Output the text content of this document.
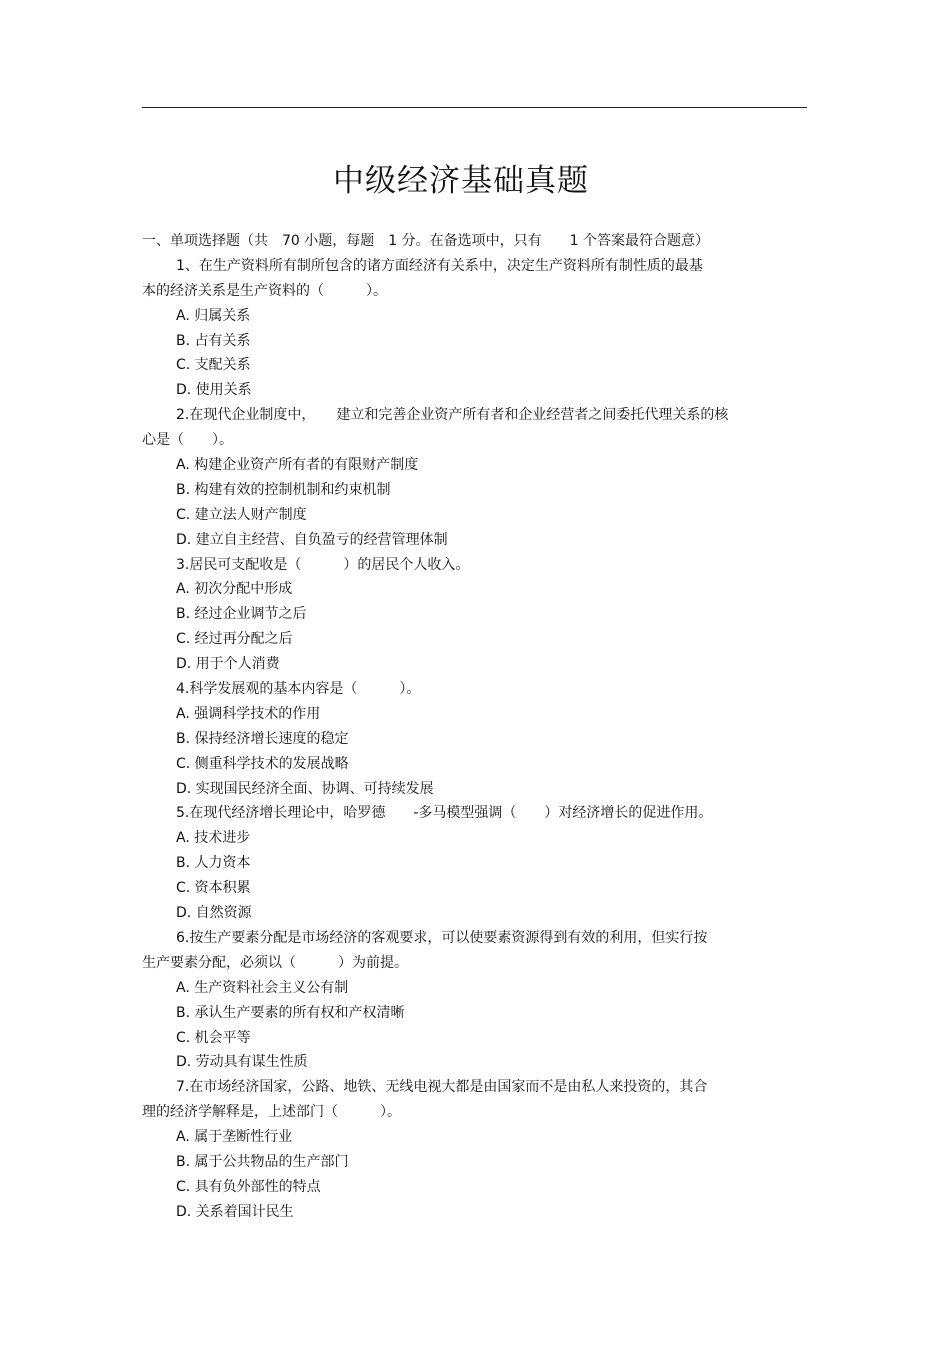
中级经济基础真题
一、单项选择题（共　70 小题，每题　1 分。在备选项中，只有　　1 个答案最符合题意）
1、在生产资料所有制所包含的诸方面经济有关系中，决定生产资料所有制性质的最基
本的经济关系是生产资料的（　　　）。
A. 归属关系
B. 占有关系
C. 支配关系
D. 使用关系
2.在现代企业制度中，　　建立和完善企业资产所有者和企业经营者之间委托代理关系的核
心是（　　）。
A. 构建企业资产所有者的有限财产制度
B. 构建有效的控制机制和约束机制
C. 建立法人财产制度
D. 建立自主经营、自负盈亏的经营管理体制
3.居民可支配收是（　　　）的居民个人收入。
A. 初次分配中形成
B. 经过企业调节之后
C. 经过再分配之后
D. 用于个人消费
4.科学发展观的基本内容是（　　　）。
A. 强调科学技术的作用
B. 保持经济增长速度的稳定
C. 侧重科学技术的发展战略
D. 实现国民经济全面、协调、可持续发展
5.在现代经济增长理论中，哈罗德　　-多马模型强调（　　）对经济增长的促进作用。
A. 技术进步
B. 人力资本
C. 资本积累
D. 自然资源
6.按生产要素分配是市场经济的客观要求，可以使要素资源得到有效的利用，但实行按
生产要素分配，必须以（　　　）为前提。
A. 生产资料社会主义公有制
B. 承认生产要素的所有权和产权清晰
C. 机会平等
D. 劳动具有谋生性质
7.在市场经济国家，公路、地铁、无线电视大都是由国家而不是由私人来投资的，其合
理的经济学解释是，上述部门（　　　）。
A. 属于垄断性行业
B. 属于公共物品的生产部门
C. 具有负外部性的特点
D. 关系着国计民生
